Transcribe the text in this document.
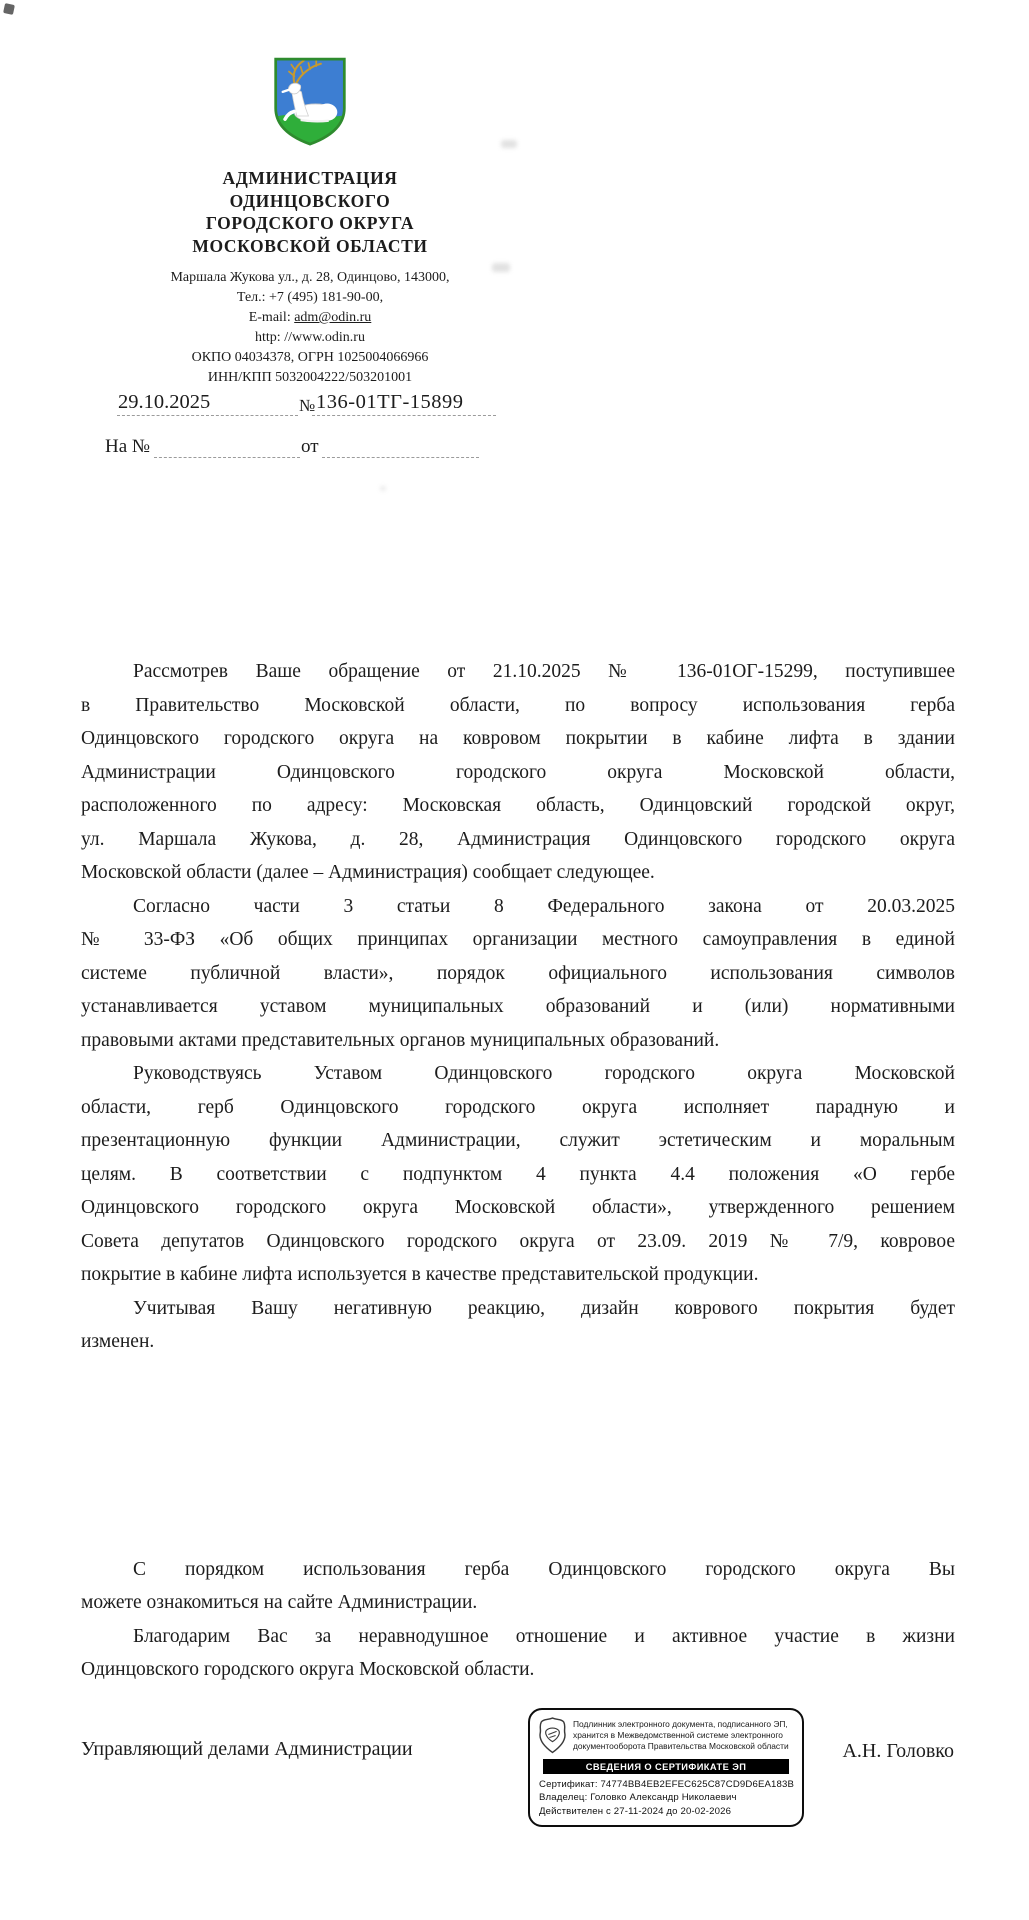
АДМИНИСТРАЦИЯ
ОДИНЦОВСКОГО
ГОРОДСКОГО ОКРУГА
МОСКОВСКОЙ ОБЛАСТИ
Маршала Жукова ул., д. 28, Одинцово, 143000,
Тел.: +7 (495) 181-90-00,
E-mail: adm@odin.ru
http: //www.odin.ru
ОКПО 04034378, ОГРН 1025004066966
ИНН/КПП 5032004222/503201001
29.10.2025	№ 136-01ТГ-15899
На №	от
Рассмотрев Ваше обращение от 21.10.2025 № 136-01ОГ-15299, поступившее
в Правительство Московской области, по вопросу использования герба
Одинцовского городского округа на ковровом покрытии в кабине лифта в здании
Администрации Одинцовского городского округа Московской области,
расположенного по адресу: Московская область, Одинцовский городской округ,
ул. Маршала Жукова, д. 28, Администрация Одинцовского городского округа
Московской области (далее – Администрация) сообщает следующее.
Согласно части 3 статьи 8 Федерального закона от 20.03.2025
№ 33-ФЗ «Об общих принципах организации местного самоуправления в единой
системе публичной власти», порядок официального использования символов
устанавливается уставом муниципальных образований и (или) нормативными
правовыми актами представительных органов муниципальных образований.
Руководствуясь Уставом Одинцовского городского округа Московской
области, герб Одинцовского городского округа исполняет парадную и
презентационную функции Администрации, служит эстетическим и моральным
целям. В соответствии с подпунктом 4 пункта 4.4 положения «О гербе
Одинцовского городского округа Московской области», утвержденного решением
Совета депутатов Одинцовского городского округа от 23.09. 2019 № 7/9, ковровое
покрытие в кабине лифта используется в качестве представительской продукции.
Учитывая Вашу негативную реакцию, дизайн коврового покрытия будет
изменен.
С порядком использования герба Одинцовского городского округа Вы
можете ознакомиться на сайте Администрации.
Благодарим Вас за неравнодушное отношение и активное участие в жизни
Одинцовского городского округа Московской области.
Управляющий делами Администрации	А.Н. Головко
Подлинник электронного документа, подписанного ЭП,
хранится в Межведомственной системе электронного
документооборота Правительства Московской области
СВЕДЕНИЯ О СЕРТИФИКАТЕ ЭП
Сертификат: 74774BB4EB2EFEC625C87CD9D6EA183B
Владелец: Головко Александр Николаевич
Действителен с 27-11-2024 до 20-02-2026
